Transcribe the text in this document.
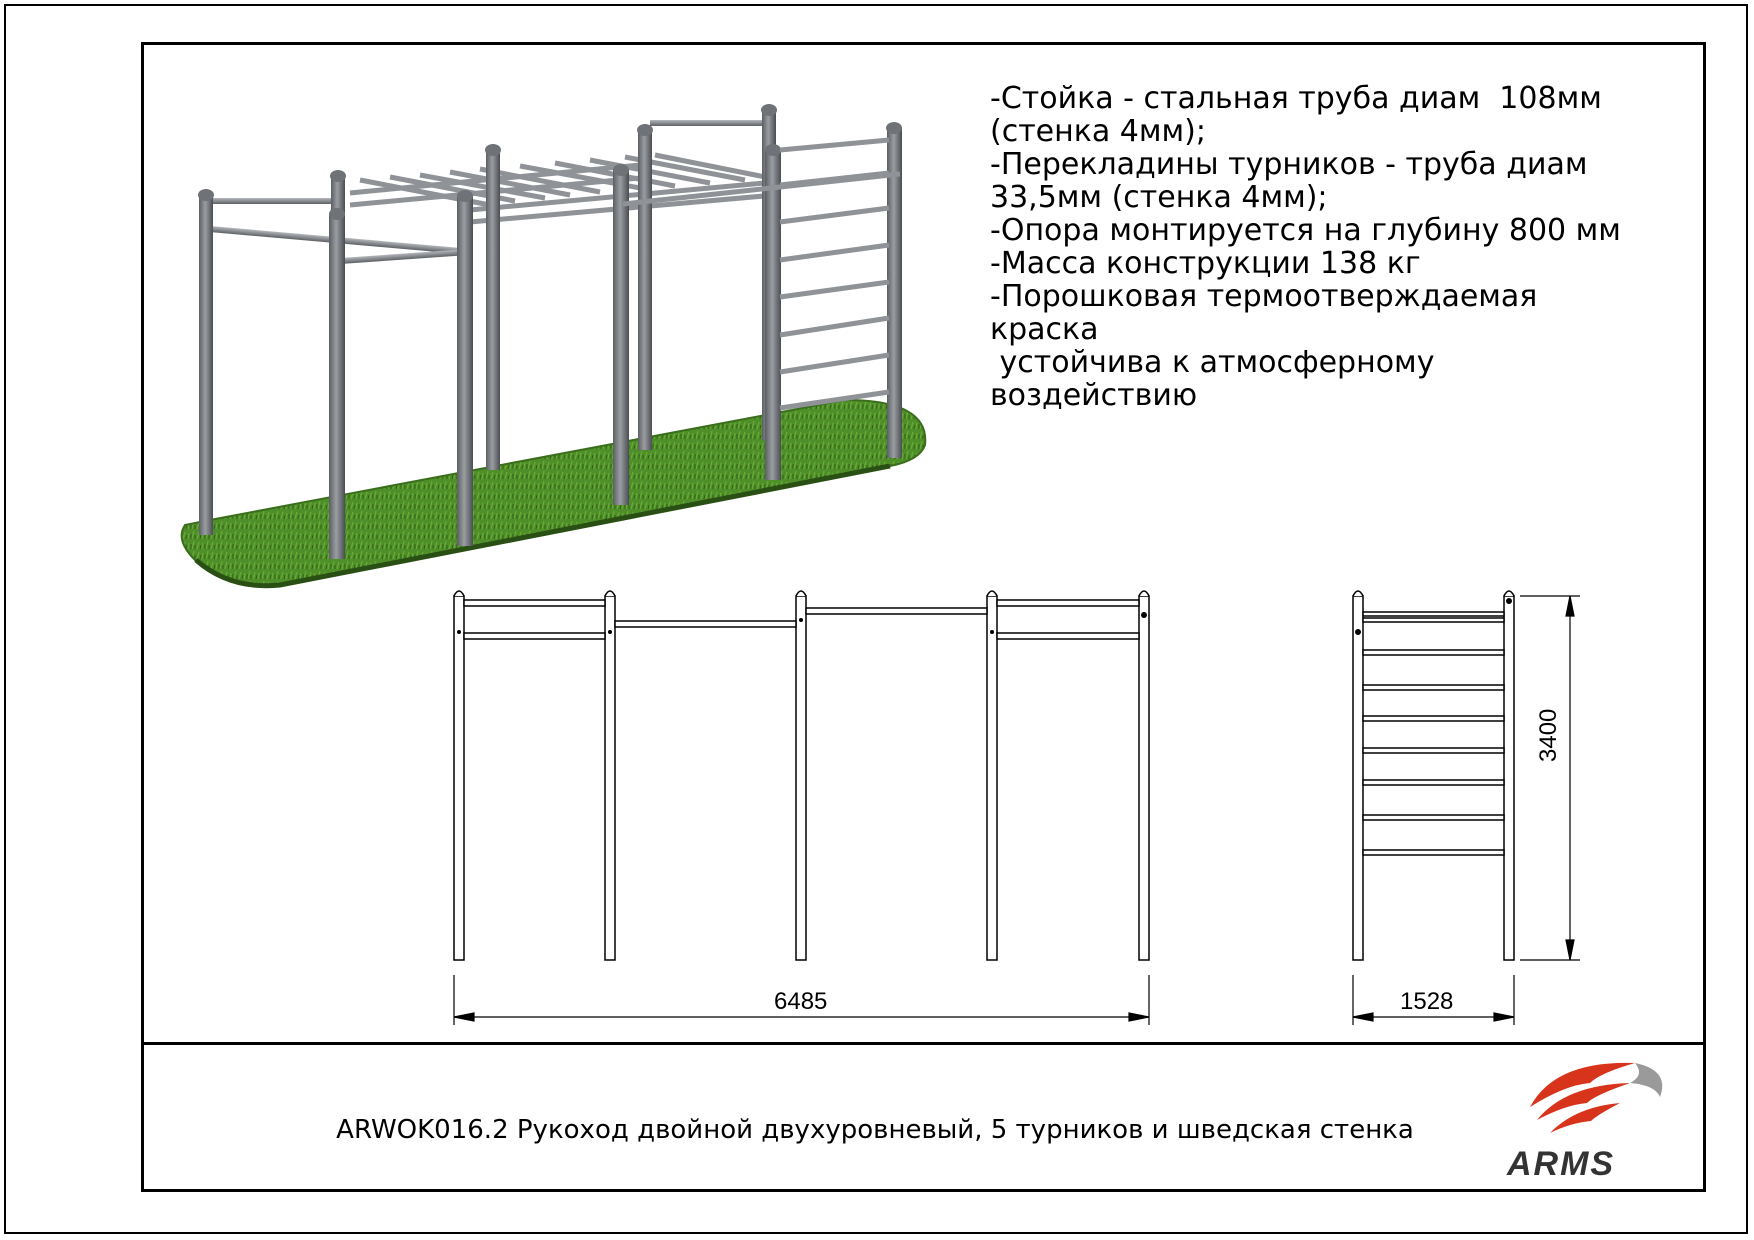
-Стойка - стальная труба диам  108мм
(стенка 4мм);
-Перекладины турников - труба диам
33,5мм (стенка 4мм);
-Опора монтируется на глубину 800 мм
-Масса конструкции 138 кг
-Порошковая термоотверждаемая
краска
устойчива к атмосферному
воздействию
6485	1528
3400
ARWOK016.2 Рукоход двойной двухуровневый, 5 турников и шведская стенка
ARMS
